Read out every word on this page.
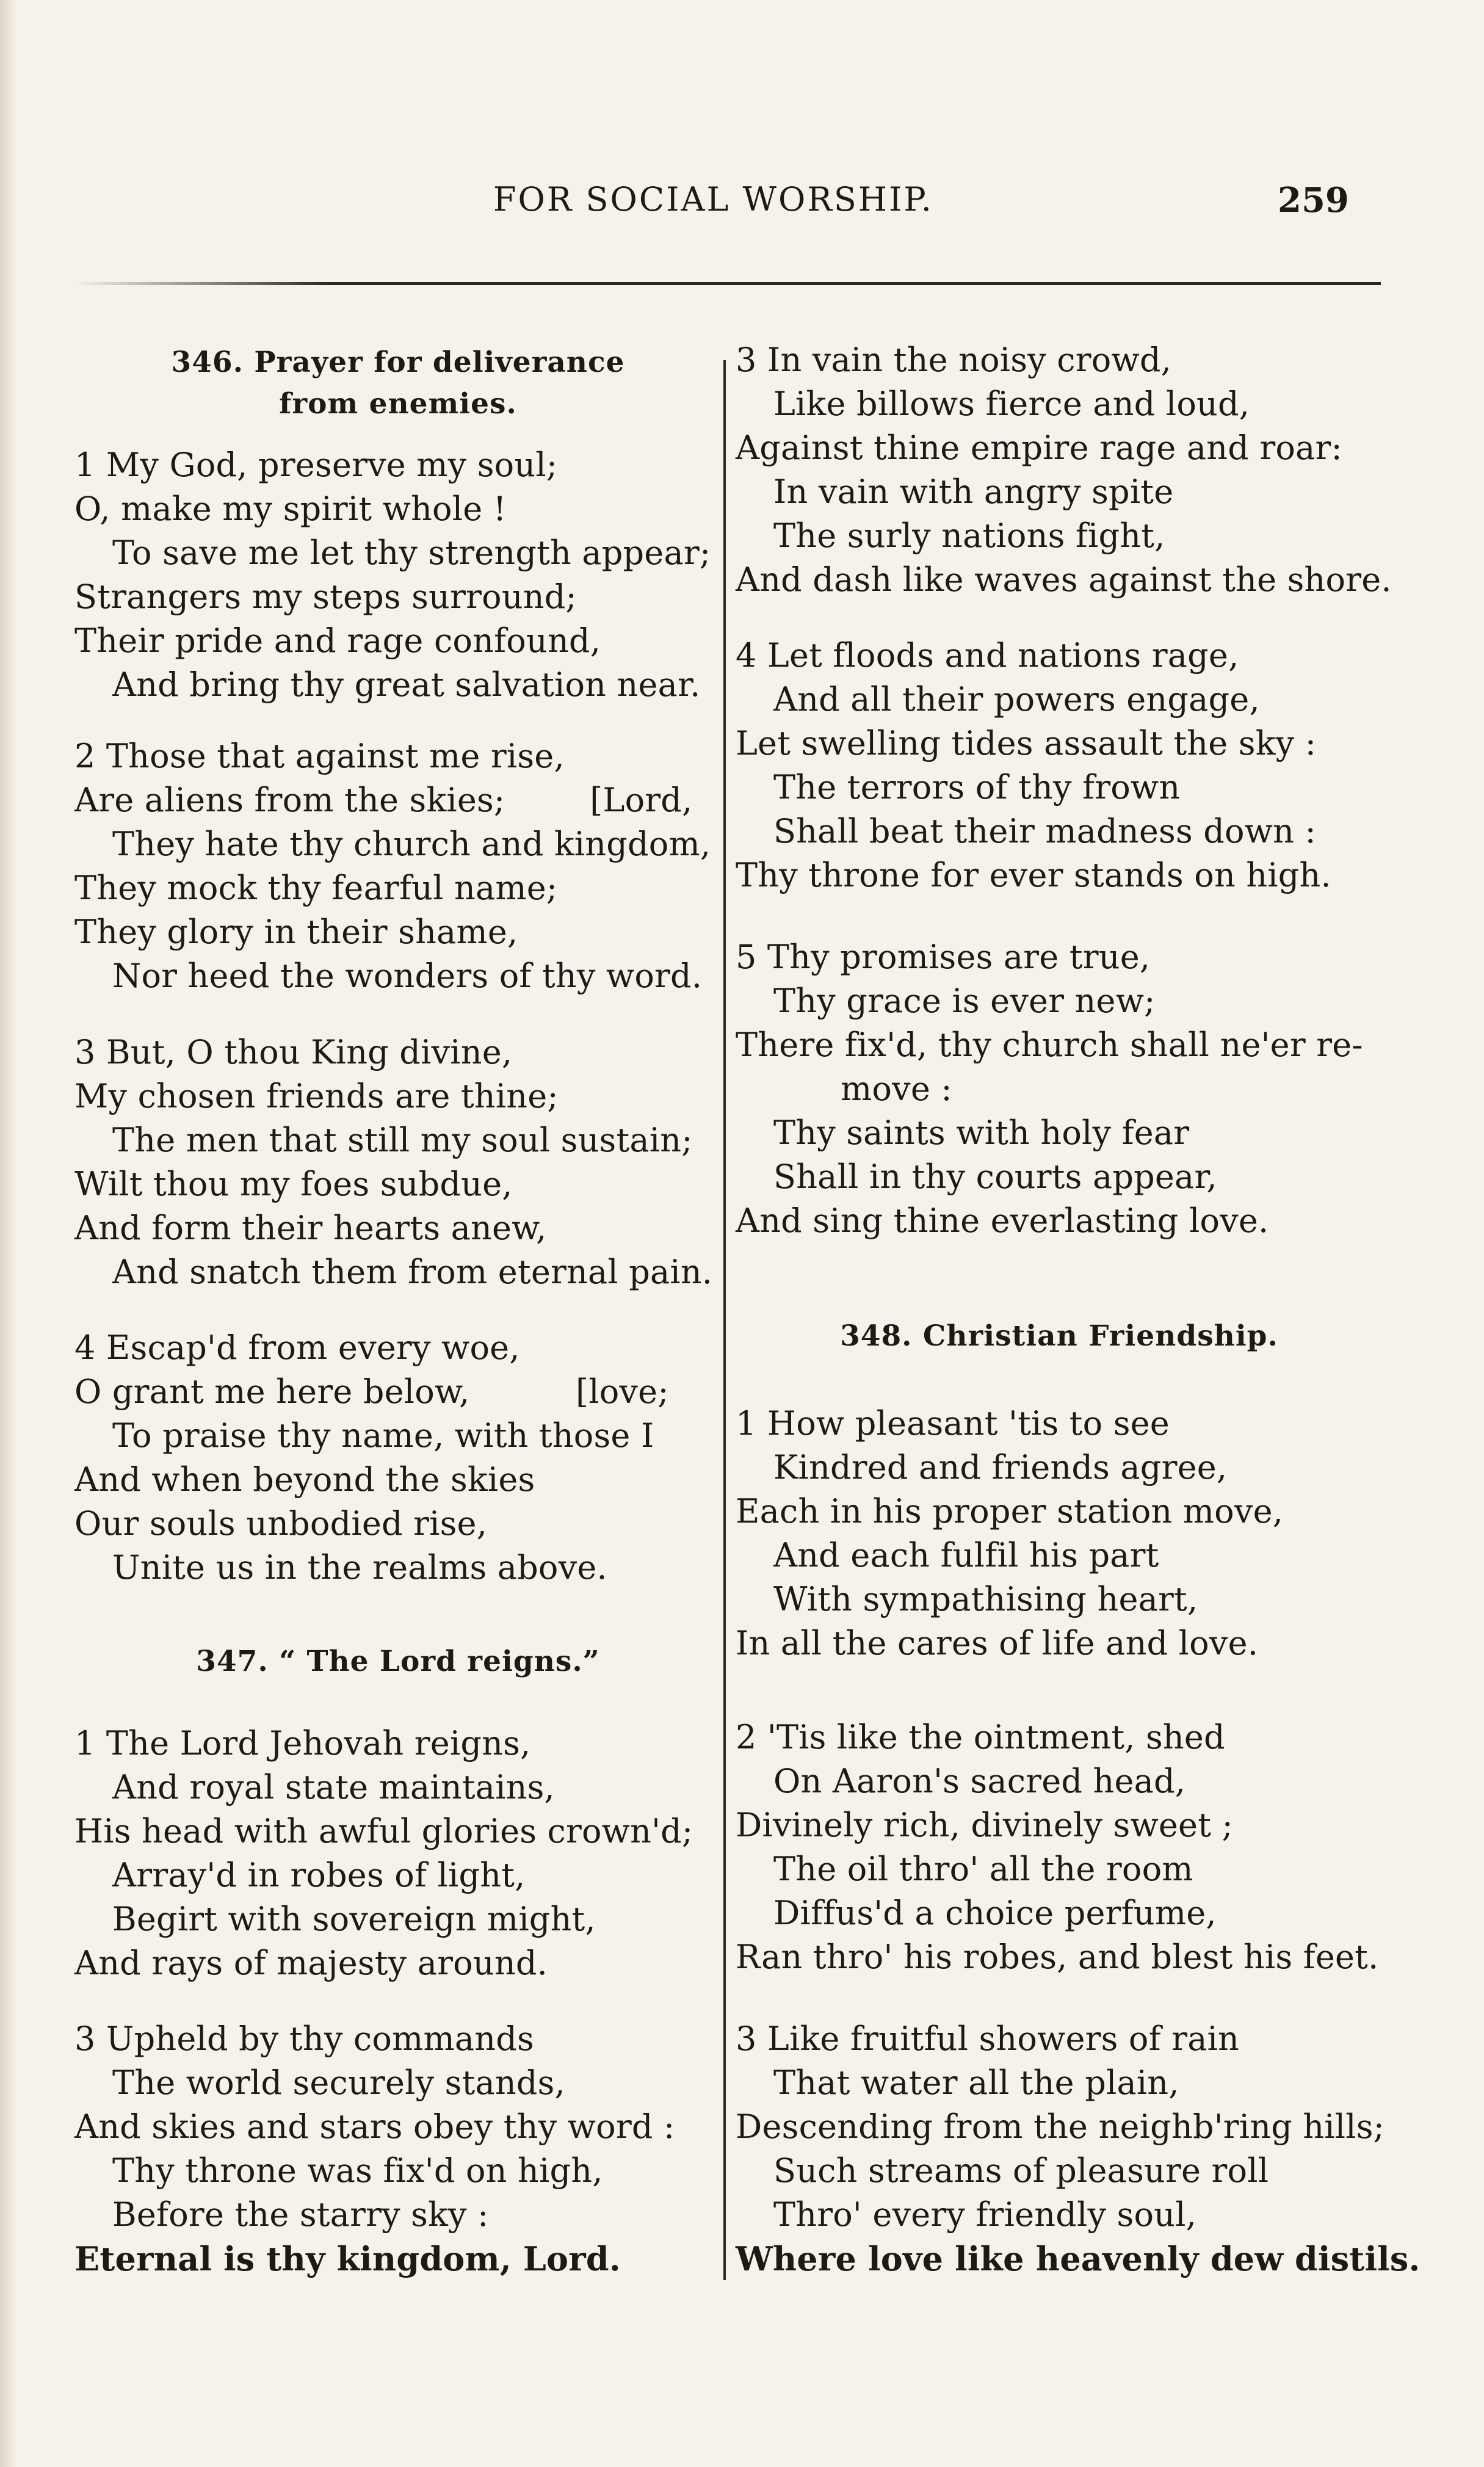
FOR SOCIAL WORSHIP.	259
346. Prayer for deliverance
from enemies.
1 My God, preserve my soul;
O, make my spirit whole !
To save me let thy strength appear;
Strangers my steps surround;
Their pride and rage confound,
And bring thy great salvation near.
2 Those that against me rise,
Are aliens from the skies;        [Lord,
They hate thy church and kingdom,
They mock thy fearful name;
They glory in their shame,
Nor heed the wonders of thy word.
3 But, O thou King divine,
My chosen friends are thine;
The men that still my soul sustain;
Wilt thou my foes subdue,
And form their hearts anew,
And snatch them from eternal pain.
4 Escap'd from every woe,
O grant me here below,          [love;
To praise thy name, with those I
And when beyond the skies
Our souls unbodied rise,
Unite us in the realms above.
347. “ The Lord reigns.”
1 The Lord Jehovah reigns,
And royal state maintains,
His head with awful glories crown'd;
Array'd in robes of light,
Begirt with sovereign might,
And rays of majesty around.
3 Upheld by thy commands
The world securely stands,
And skies and stars obey thy word :
Thy throne was fix'd on high,
Before the starry sky :
Eternal is thy kingdom, Lord.
3 In vain the noisy crowd,
Like billows fierce and loud,
Against thine empire rage and roar:
In vain with angry spite
The surly nations fight,
And dash like waves against the shore.
4 Let floods and nations rage,
And all their powers engage,
Let swelling tides assault the sky :
The terrors of thy frown
Shall beat their madness down :
Thy throne for ever stands on high.
5 Thy promises are true,
Thy grace is ever new;
There fix'd, thy church shall ne'er re-
move :
Thy saints with holy fear
Shall in thy courts appear,
And sing thine everlasting love.
348. Christian Friendship.
1 How pleasant 'tis to see
Kindred and friends agree,
Each in his proper station move,
And each fulfil his part
With sympathising heart,
In all the cares of life and love.
2 'Tis like the ointment, shed
On Aaron's sacred head,
Divinely rich, divinely sweet ;
The oil thro' all the room
Diffus'd a choice perfume,
Ran thro' his robes, and blest his feet.
3 Like fruitful showers of rain
That water all the plain,
Descending from the neighb'ring hills;
Such streams of pleasure roll
Thro' every friendly soul,
Where love like heavenly dew distils.
